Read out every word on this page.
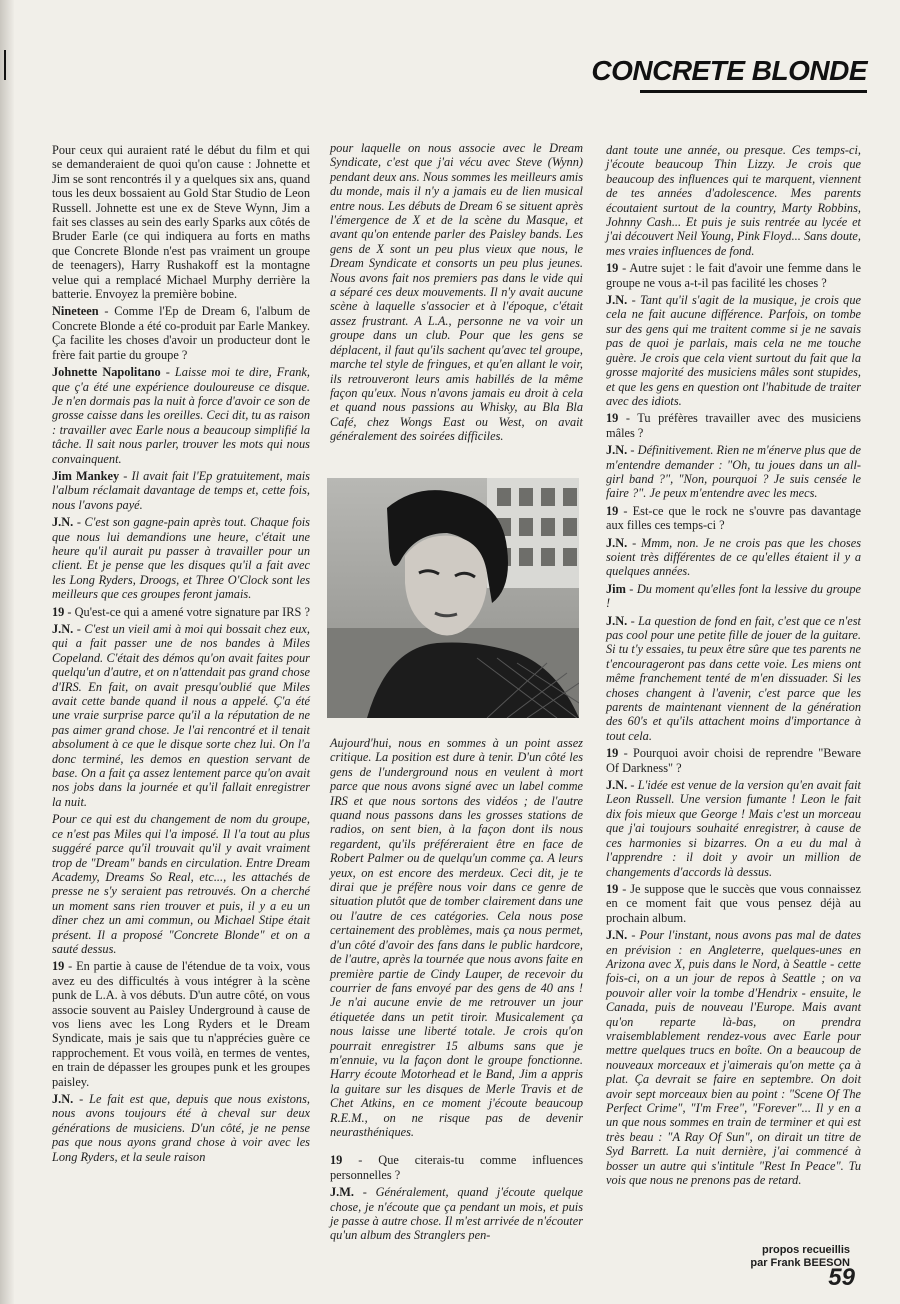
CONCRETE BLONDE

Pour ceux qui auraient raté le début du film et qui se demanderaient de quoi qu'on cause : Johnette et Jim se sont rencontrés il y a quelques six ans, quand tous les deux bossaient au Gold Star Studio de Leon Russell. Johnette est une ex de Steve Wynn, Jim a fait ses classes au sein des early Sparks aux côtés de Bruder Earle (ce qui indiquera au forts en maths que Concrete Blonde n'est pas vraiment un groupe de teenagers), Harry Rushakoff est la montagne velue qui a remplacé Michael Murphy derrière la batterie. Envoyez la première bobine.

Nineteen - Comme l'Ep de Dream 6, l'album de Concrete Blonde a été co-produit par Earle Mankey. Ça facilite les choses d'avoir un producteur dont le frère fait partie du groupe ?

Johnette Napolitano - Laisse moi te dire, Frank, que ç'a été une expérience douloureuse ce disque. Je n'en dormais pas la nuit à force d'avoir ce son de grosse caisse dans les oreilles. Ceci dit, tu as raison : travailler avec Earle nous a beaucoup simplifié la tâche. Il sait nous parler, trouver les mots qui nous convainquent.

Jim Mankey - Il avait fait l'Ep gratuitement, mais l'album réclamait davantage de temps et, cette fois, nous l'avons payé.

J.N. - C'est son gagne-pain après tout. Chaque fois que nous lui demandions une heure, c'était une heure qu'il aurait pu passer à travailler pour un client. Et je pense que les disques qu'il a fait avec les Long Ryders, Droogs, et Three O'Clock sont les meilleurs que ces groupes feront jamais.

19 - Qu'est-ce qui a amené votre signature par IRS ?

J.N. - C'est un vieil ami à moi qui bossait chez eux, qui a fait passer une de nos bandes à Miles Copeland. C'était des démos qu'on avait faites pour quelqu'un d'autre, et on n'attendait pas grand chose d'IRS. En fait, on avait presqu'oublié que Miles avait cette bande quand il nous a appelé. Ç'a été une vraie surprise parce qu'il a la réputation de ne pas aimer grand chose. Je l'ai rencontré et il tenait absolument à ce que le disque sorte chez lui. On l'a donc terminé, les demos en question servant de base. On a fait ça assez lentement parce qu'on avait nos jobs dans la journée et qu'il fallait enregistrer la nuit.

Pour ce qui est du changement de nom du groupe, ce n'est pas Miles qui l'a imposé. Il l'a tout au plus suggéré parce qu'il trouvait qu'il y avait vraiment trop de "Dream" bands en circulation. Entre Dream Academy, Dreams So Real, etc..., les attachés de presse ne s'y seraient pas retrouvés. On a cherché un moment sans rien trouver et puis, il y a eu un dîner chez un ami commun, ou Michael Stipe était présent. Il a proposé "Concrete Blonde" et on a sauté dessus.

19 - En partie à cause de l'étendue de ta voix, vous avez eu des difficultés à vous intégrer à la scène punk de L.A. à vos débuts. D'un autre côté, on vous associe souvent au Paisley Underground à cause de vos liens avec les Long Ryders et le Dream Syndicate, mais je sais que tu n'apprécies guère ce rapprochement. Et vous voilà, en termes de ventes, en train de dépasser les groupes punk et les groupes paisley.

J.N. - Le fait est que, depuis que nous existons, nous avons toujours été à cheval sur deux générations de musiciens. D'un côté, je ne pense pas que nous ayons grand chose à voir avec les Long Ryders, et la seule raison

pour laquelle on nous associe avec le Dream Syndicate, c'est que j'ai vécu avec Steve (Wynn) pendant deux ans. Nous sommes les meilleurs amis du monde, mais il n'y a jamais eu de lien musical entre nous. Les débuts de Dream 6 se situent après l'émergence de X et de la scène du Masque, et avant qu'on entende parler des Paisley bands. Les gens de X sont un peu plus vieux que nous, le Dream Syndicate et consorts un peu plus jeunes. Nous avons fait nos premiers pas dans le vide qui a séparé ces deux mouvements. Il n'y avait aucune scène à laquelle s'associer et à l'époque, c'était assez frustrant. A L.A., personne ne va voir un groupe dans un club. Pour que les gens se déplacent, il faut qu'ils sachent qu'avec tel groupe, marche tel style de fringues, et qu'en allant le voir, ils retrouveront leurs amis habillés de la même façon qu'eux. Nous n'avons jamais eu droit à cela et quand nous passions au Whisky, au Bla Bla Café, chez Wongs East ou West, on avait généralement des soirées difficiles.

Aujourd'hui, nous en sommes à un point assez critique. La position est dure à tenir. D'un côté les gens de l'underground nous en veulent à mort parce que nous avons signé avec un label comme IRS et que nous sortons des vidéos ; de l'autre quand nous passons dans les grosses stations de radios, on sent bien, à la façon dont ils nous regardent, qu'ils préféreraient être en face de Robert Palmer ou de quelqu'un comme ça. A leurs yeux, on est encore des merdeux. Ceci dit, je te dirai que je préfère nous voir dans ce genre de situation plutôt que de tomber clairement dans une ou l'autre de ces catégories. Cela nous pose certainement des problèmes, mais ça nous permet, d'un côté d'avoir des fans dans le public hardcore, de l'autre, après la tournée que nous avons faite en première partie de Cindy Lauper, de recevoir du courrier de fans envoyé par des gens de 40 ans ! Je n'ai aucune envie de me retrouver un jour étiquetée dans un petit tiroir. Musicalement ça nous laisse une liberté totale. Je crois qu'on pourrait enregistrer 15 albums sans que je m'ennuie, vu la façon dont le groupe fonctionne. Harry écoute Motorhead et le Band, Jim a appris la guitare sur les disques de Merle Travis et de Chet Atkins, en ce moment j'écoute beaucoup R.E.M., on ne risque pas de devenir neurasthéniques.

19 - Que citerais-tu comme influences personnelles ?

J.M. - Généralement, quand j'écoute quelque chose, je n'écoute que ça pendant un mois, et puis je passe à autre chose. Il m'est arrivée de n'écouter qu'un album des Stranglers pen-

dant toute une année, ou presque. Ces temps-ci, j'écoute beaucoup Thin Lizzy. Je crois que beaucoup des influences qui te marquent, viennent de tes années d'adolescence. Mes parents écoutaient surtout de la country, Marty Robbins, Johnny Cash... Et puis je suis rentrée au lycée et j'ai découvert Neil Young, Pink Floyd... Sans doute, mes vraies influences de fond.

19 - Autre sujet : le fait d'avoir une femme dans le groupe ne vous a-t-il pas facilité les choses ?

J.N. - Tant qu'il s'agit de la musique, je crois que cela ne fait aucune différence. Parfois, on tombe sur des gens qui me traitent comme si je ne savais pas de quoi je parlais, mais cela ne me touche guère. Je crois que cela vient surtout du fait que la grosse majorité des musiciens mâles sont stupides, et que les gens en question ont l'habitude de traiter avec des idiots.

19 - Tu préfères travailler avec des musiciens mâles ?

J.N. - Définitivement. Rien ne m'énerve plus que de m'entendre demander : "Oh, tu joues dans un all-girl band ?", "Non, pourquoi ? Je suis censée le faire ?". Je peux m'entendre avec les mecs.

19 - Est-ce que le rock ne s'ouvre pas davantage aux filles ces temps-ci ?

J.N. - Mmm, non. Je ne crois pas que les choses soient très différentes de ce qu'elles étaient il y a quelques années.

Jim - Du moment qu'elles font la lessive du groupe !

J.N. - La question de fond en fait, c'est que ce n'est pas cool pour une petite fille de jouer de la guitare. Si tu t'y essaies, tu peux être sûre que tes parents ne t'encourageront pas dans cette voie. Les miens ont même franchement tenté de m'en dissuader. Si les choses changent à l'avenir, c'est parce que les parents de maintenant viennent de la génération des 60's et qu'ils attachent moins d'importance à tout cela.

19 - Pourquoi avoir choisi de reprendre "Beware Of Darkness" ?

J.N. - L'idée est venue de la version qu'en avait fait Leon Russell. Une version fumante ! Leon le fait dix fois mieux que George ! Mais c'est un morceau que j'ai toujours souhaité enregistrer, à cause de ces harmonies si bizarres. On a eu du mal à l'apprendre : il doit y avoir un million de changements d'accords là dessus.

19 - Je suppose que le succès que vous connaissez en ce moment fait que vous pensez déjà au prochain album.

J.N. - Pour l'instant, nous avons pas mal de dates en prévision : en Angleterre, quelques-unes en Arizona avec X, puis dans le Nord, à Seattle - cette fois-ci, on a un jour de repos à Seattle ; on va pouvoir aller voir la tombe d'Hendrix - ensuite, le Canada, puis de nouveau l'Europe. Mais avant qu'on reparte là-bas, on prendra vraisemblablement rendez-vous avec Earle pour mettre quelques trucs en boîte. On a beaucoup de nouveaux morceaux et j'aimerais qu'on mette ça à plat. Ça devrait se faire en septembre. On doit avoir sept morceaux bien au point : "Scene Of The Perfect Crime", "I'm Free", "Forever"... Il y en a un que nous sommes en train de terminer et qui est très beau : "A Ray Of Sun", on dirait un titre de Syd Barrett. La nuit dernière, j'ai commencé à bosser un autre qui s'intitule "Rest In Peace". Tu vois que nous ne prenons pas de retard.

propos recueillis
par Frank BEESON
59
